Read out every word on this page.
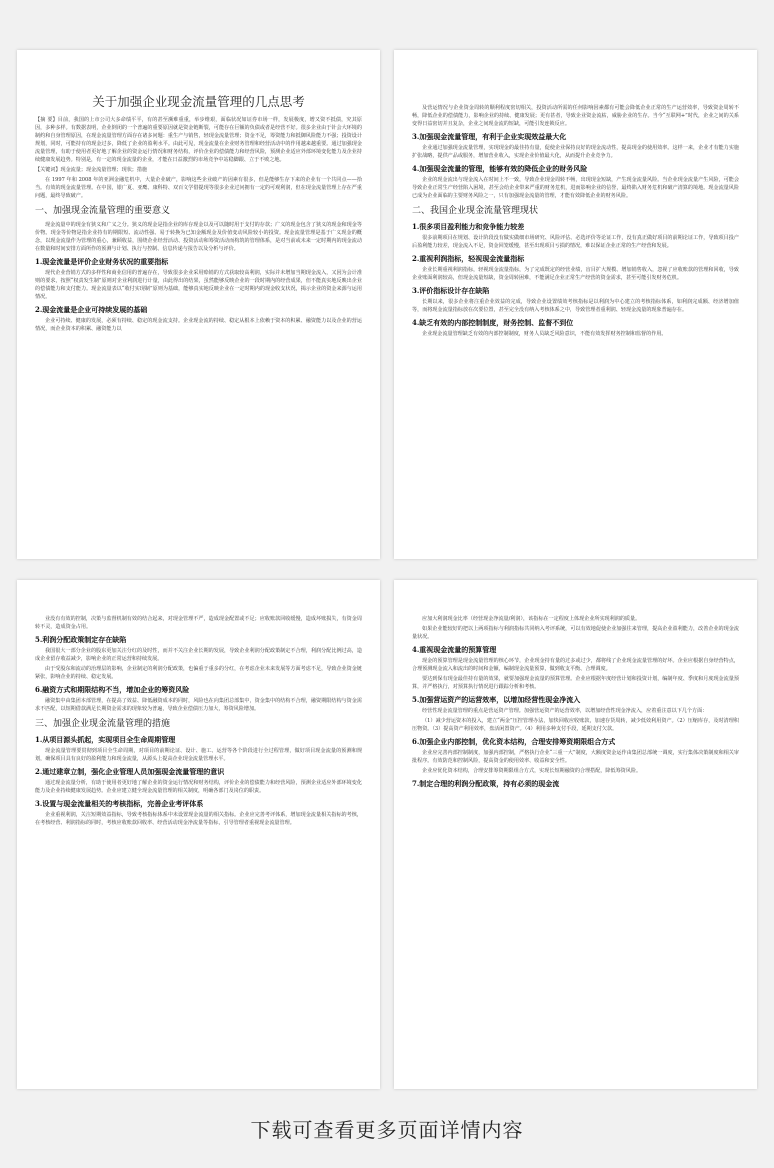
关于加强企业现金流量管理的几点思考

【摘 要】目前，我国的上市公司大多命绩平平，有的甚至濒难重重，举步维艰，面临状况如证券市场一样，发展极度，增又资不抵债，究其原因，多种多样。有数据表明，企业倒闭的一个普遍的重要原因就是资金链断裂，可能存在巨额的负债或者是经营不好。很多企业由于针会大环境的制约和自身管理原因，在现金流量管理方面存在诸多问题：重生产与销售，轻现金流量管理；资金不足，筹资能力和抵御风险能力不强；投资设计规划，同时，可能持有的现金过多，降低了企业的盈利水平。由此可见，现金流量在企业财务管理和经营活动中的作用越来越重要。通过加强现金流量管理，有助于使用者更好地了解企业的资金运行情况和财务结构，评价企业的偿债能力和经营风险，预测企业适应外部环境变化能力及企业持续健康发展趋势。特别是，有一定的现金流量的企业，才能在日益激烈的市场竞争中站稳脚跟、立于不败之地。

【关键词】现金流量；现金流量管理；现状；措施

在 1997 年和 2008 年的亚洲金融危机中，大量企业破产，影响这些企业破产的因素有很多，但是能够生存下来的企业有一个共同点——拾当。有效的现金流量管理。在中国，银广夏、亚鹰、康科特、双百文学借提现等很多企业过问拥有一定的可观利润，但在现金流量管理上存在严重问题，最终导致破产。

一、加强现金流量管理的重要意义

现金流量中的现金有狭义和广义之分。狭义的现金是指企业的库存现金以及可以随时用于支付的存款；广义的现金包含了狭义的现金和现金等价物。现金等价物是指企业持有的期限短、流动性强、易于转换为已知金额现金及价值变动风险较小的投资。现金流量管理是基于广义现金的概念，以现金流量作为管理的重心，兼顾收益，围绕企业经营活动、投资活动和筹资活动而构筑的管理体系，是对当前或未来一定时期内的现金流动在数量和时间安排方面所作的预测与计划、执行与控制、信息传递与报告以及分析与评价。

1.现金流量是评价企业财务状况的重要指标

现代企业营销方式的多样性和商业信用的普遍存在，导致很多企业采用赊销的方式获取较高利润，实际并未增加当期现金流入，又因为会计准则的要求，按照“权责发生制”原则对企业利润进行计量，由此得出的结果，虽然能够反映企业的一段时期内的经营成果，但不能真实地反映出企业的偿债能力和支付能力。现金流量表以“收付实现制”原则为基础，能够真实地反映企业在一定时期内的现金收支状况，揭示企业的资金来源与运用情况。

2.现金流量是企业可持续发展的基础

企业可持续、健康的发展，必须有持续、稳定的现金流支持。企业现金流的持续、稳定从根本上依赖于资本的积累、融资能力以及企业的营运情况，而企业资本的积累、融资能力以

及营运情况与企业资金周转的顺利程度密切相关，投资活动所需的任何影响因素都有可能会降低企业正常的生产运营效率，导致资金周转不畅，降低企业的偿债能力，影响企业的持续、健康发展；更有甚者，导致企业资金流枯，威胁企业的生存。当今“互联网+”时代，企业之间的关系变得日益密切并且复杂，企业之间现金流的短缺，可能引发连锁反应。

3.加强现金流量管理，有利于企业实现效益最大化

企业通过加强现金流量管理，实现现金的最佳持有量，促使企业保持良好的现金流动性，提高现金的使用效率。这样一来，企业才有能力实施扩张战略，提供产品或服务，增加营业收入，实现企业价值最大化，从而提升企业竞争力。

4.加强现金流量的管理，能够有效的降低企业的财务风险

企业的现金流出与现金流入在时间上不一致，导致企业现金周转不畅，出现现金短缺，产生现金流量风险。当企业现金流量产生风险，可能会导致企业正常生产经营陷入困境，甚至会给企业带来严重的财务危机，进而影响企业的信誉，最终陷入财务危机和破产清算的境地。现金流量风险已成为企业面临的主要财务风险之一，只有加强现金流量的管理，才能有效降低企业的财务风险。

二、我国企业现金流量管理现状
1.很多项目盈利能力和竞争能力较差

很多前期项目在规划、设计阶段没有做实做细市场研究、风险评估、必选评价等论证工作，没有真正做好项目的前期论证工作，导致项目投产后盈利能力较差，现金流入不足，资金回笼缓慢，甚至出现项目亏损的情况，难以保证企业正常的生产经营和发展。

2.重视利润指标，轻视现金流量指标

企业长期重视利润指标，轻视现金流量指标，为了完成既定的经营业绩，盲目扩大规模、增加销售收入，忽视了应收账款的管理和回收，导致企业账面利润较高，但现金流量短缺，资金周转困难，不能满足企业正常生产经营的资金需求，甚至可能引发财务危机。

3.评价指标设计存在缺陷

长期以来，很多企业将注重企业效益的完成，导致企业设置绩效考核指标是以利润为中心建立的考核指标体系，如利润完成额、经济增加值等，而将现金流量指标放在次要位置，甚至完全没有纳入考核体系之中，导致管理者重利润、轻现金流量的现象普遍存在。

4.缺乏有效的内部控制制度，财务控制、监督不到位

企业现金流量管理缺乏有效的内部控制制度，财务人员缺乏风险意识，不能有效发挥财务控制和监督的作用。

业没有有效的控制，决策与监督机制有效的结合起来，对现金管理不严，造成现金配置或不足；应收账款回收缓慢，造成坏账损失，有资金周转不灵，造成资金占用。

5.利润分配政策制定存在缺陷

我国很大一部分企业的股东更加关注分红的及时性，而并不关注企业长期的发展，导致企业利润分配政策制定不合理，利润分配比例过高，造成企业留存收益减少，影响企业的正常运营和持续发展。

由于受股东和流动的治理层的影响，企业制定的利润分配政策，也偏重于重多的分红，在考虑企业未来发展等方面考虑不足，导致企业资金链紧张，影响企业的持续、稳定发展。

6.融资方式和期限结构不当，增加企业的筹资风险

融资集中由集团本部管理，在提高了效益、降低融资成本的同时，风险也在向集团总部集中，资金集中的结构不合理，融资期限结构与资金需求不匹配，以短期借款满足长期资金需求的现象较为普遍，导致企业偿债压力加大，筹资风险增加。

三、加强企业现金流量管理的措施
1.从项目源头抓起，实现项目全生命周期管理

现金流量管理要贯彻到项目全生命周期，对项目的前期论证、设计、施工、运营等各个阶段进行全过程管理，做好项目现金流量的预测和规划，确保项目具有良好的盈利能力和现金流量，从源头上提高企业现金流量管理水平。

2.通过建章立制，强化企业管理人员加强现金流量管理的意识

通过现金流量分析，有助于使用者更好地了解企业的资金运行情况和财务结构，评价企业的偿债能力和经营风险，预测企业适应外部环境变化能力及企业持续健康发展趋势。企业应建立健全现金流量管理的相关制度，明确各部门及岗位的职责。

3.设置与现金流量相关的考核指标，完善企业考评体系

企业重视利润，关注短期效益指标，导致考核指标体系中未设置现金流量的相关指标。企业应完善考评体系，增加现金流量相关指标的考核，在考核经营、利润指标的同时，考核应收账款回收率、经营活动现金净流量等指标，引导管理者重视现金流量管理。

应加大利润现金比率（经营现金净流量/利润），该指标在一定程度上体现企业所实现利润的质量。

如果企业能较好的把以上两项指标与利润指标共同纳入考评系统，可以有效地促使企业加强往来管理，提高企业盈利能力，改善企业的现金流量状况。

4.重视现金流量的预算管理

现金的预算管理是现金流量管理的核心环节，企业现金持有量的过多或过少，都将线了企业现金流量管理的好坏。企业应根据自身经营特点，合理预测现金流入和流出的时间和金额，编制现金流量预算，做到收支平衡、合理调度。

要达到保有现金最佳持有量的效果，就要加强现金流量的预算管理。企业应根据年度经营计划和投资计划，编制年度、季度和月度现金流量预算，并严格执行，对预算执行情况进行跟踪分析和考核。

5.加强营运资产的运营效率，以增加经营性现金净流入

经营性现金流量管理的重点是营运资产管理。加强营运资产的运营效率，以增加经营性现金净流入，应着重注意以下几个方面：

（1）减少营运资本的投入，建立“两金”压控管理办法，加快回收应收账款，加速存货周转，减少低效利用资产。（2）压缩库存，及时清理积压物资。（3）提高资产利用效率，盘活闲置资产。（4）利用多种支付手段，延期支付欠款。

6.加强企业内部控制，优化资本结构，合理安排筹资期限组合方式

企业应完善内部控制制度，加强内部控制，严格执行企业“三重一大”制度，大额度资金运作由集团总部统一调度，实行集体决策制度和相关审批程序。有效防范和控制风险，提高资金的使用效率、收益和安全性。

企业应优化资本结构，合理安排筹资期限组合方式，实现长短期融资的合理搭配，降低筹资风险。

7.制定合理的利润分配政策，持有必须的现金流
下载可查看更多页面详情内容
